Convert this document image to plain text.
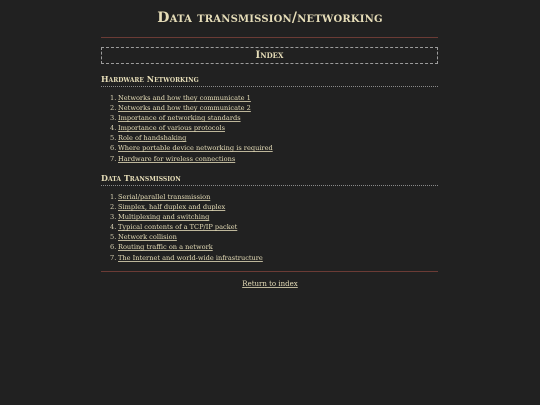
Data transmission/networking
Index
Hardware Networking
1. Networks and how they communicate 1
2. Networks and how they communicate 2
3. Importance of networking standards
4. Importance of various protocols
5. Role of handshaking
6. Where portable device networking is required
7. Hardware for wireless connections
Data Transmission
1. Serial/parallel transmission
2. Simplex, half duplex and duplex
3. Multiplexing and switching
4. Typical contents of a TCP/IP packet
5. Network collision
6. Routing traffic on a network
7. The Internet and world-wide infrastructure
Return to index
